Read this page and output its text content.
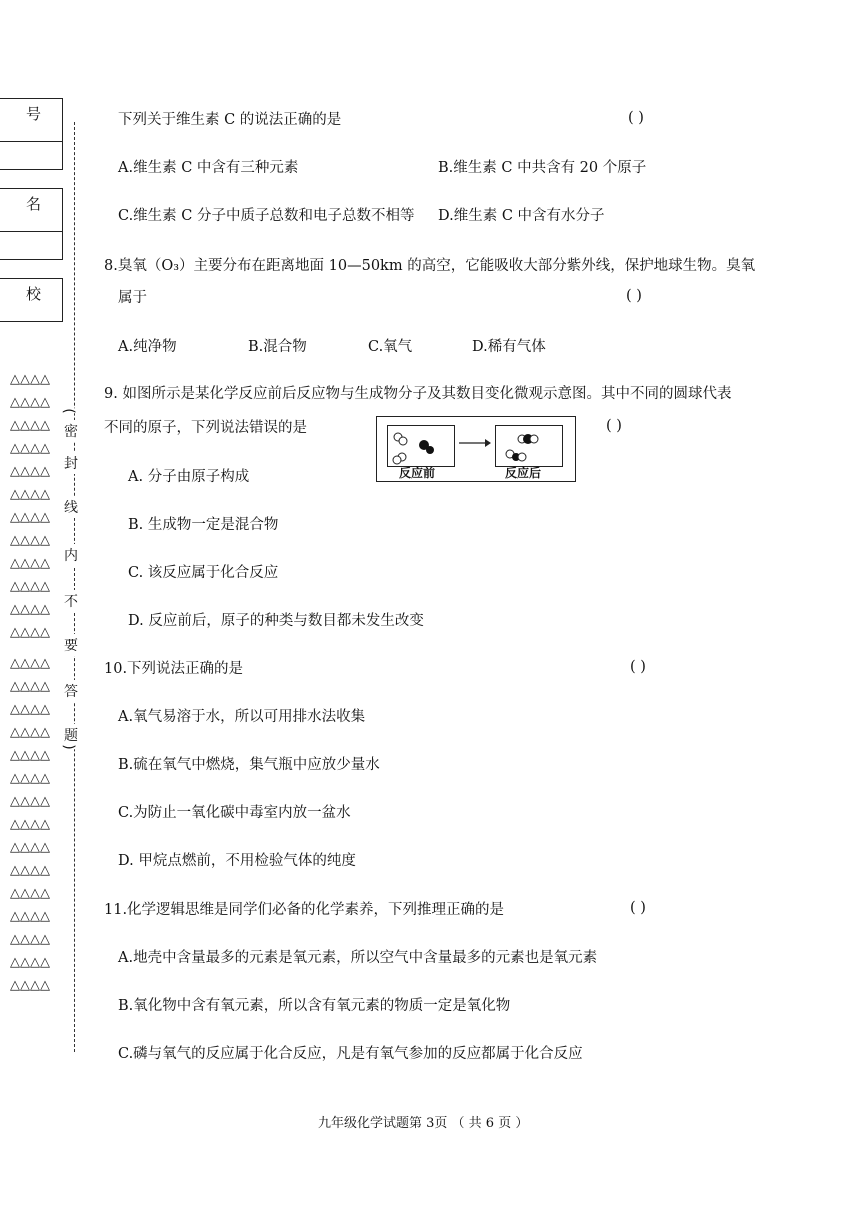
号
名
校
△△△△
△△△△
△△△△
△△△△
△△△△
△△△△
△△△△
△△△△
△△△△
△△△△
△△△△
△△△△
△△△△
△△△△
△△△△
△△△△
△△△△
△△△△
△△△△
△△△△
△△△△
△△△△
△△△△
△△△△
△△△△
△△△△
△△△△
(
密
封
线
内
不
要
答
题
)
下列关于维生素 C 的说法正确的是	( )
A.维生素 C 中含有三种元素	B.维生素 C 中共含有 20 个原子
C.维生素 C 分子中质子总数和电子总数不相等 D.维生素 C 中含有水分子
8.臭氧（O₃）主要分布在距离地面 10—50km 的高空，它能吸收大部分紫外线，保护地球生物。臭氧
属于	( )
A.纯净物	B.混合物	C.氧气	D.稀有气体
9. 如图所示是某化学反应前后反应物与生成物分子及其数目变化微观示意图。其中不同的圆球代表
不同的原子，下列说法错误的是	( )
反应前	反应后
A. 分子由原子构成
B. 生成物一定是混合物
C. 该反应属于化合反应
D. 反应前后，原子的种类与数目都未发生改变
10.下列说法正确的是	( )
A.氧气易溶于水，所以可用排水法收集
B.硫在氧气中燃烧，集气瓶中应放少量水
C.为防止一氧化碳中毒室内放一盆水
D. 甲烷点燃前，不用检验气体的纯度
11.化学逻辑思维是同学们必备的化学素养，下列推理正确的是	( )
A.地壳中含量最多的元素是氧元素，所以空气中含量最多的元素也是氧元素
B.氧化物中含有氧元素，所以含有氧元素的物质一定是氧化物
C.磷与氧气的反应属于化合反应，凡是有氧气参加的反应都属于化合反应
九年级化学试题第 3页 （ 共 6 页 ）
